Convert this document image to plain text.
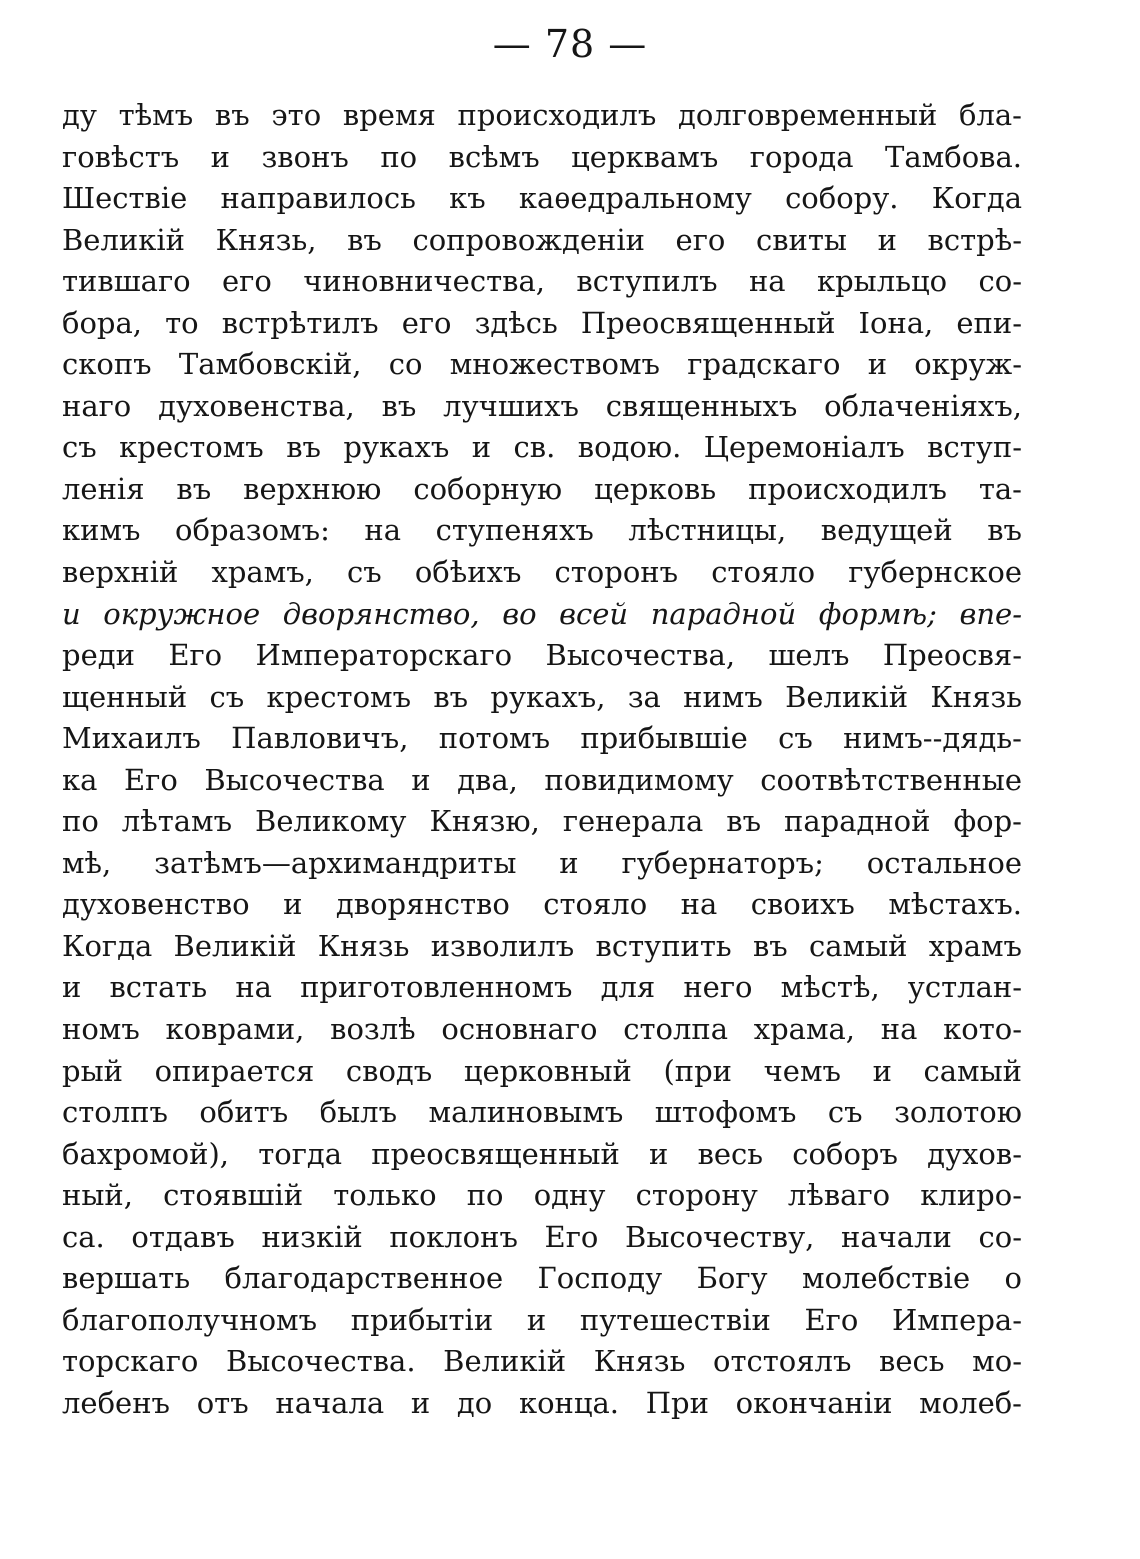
— 78 —
ду тѣмъ въ это время происходилъ долговременный бла-
говѣстъ и звонъ по всѣмъ церквамъ города Тамбова.
Шествіе направилось къ каѳедральному собору. Когда
Великій Князь, въ сопровожденіи его свиты и встрѣ-
тившаго его чиновничества, вступилъ на крыльцо со-
бора, то встрѣтилъ его здѣсь Преосвященный Іона, епи-
скопъ Тамбовскій, со множествомъ градскаго и окруж-
наго духовенства, въ лучшихъ священныхъ облаченіяхъ,
съ крестомъ въ рукахъ и св. водою. Церемоніалъ вступ-
ленія въ верхнюю соборную церковь происходилъ та-
кимъ образомъ: на ступеняхъ лѣстницы, ведущей въ
верхній храмъ, съ обѣихъ сторонъ стояло губернское
и окружное дворянство, во всей парадной формѣ; впе-
реди Его Императорскаго Высочества, шелъ Преосвя-
щенный съ крестомъ въ рукахъ, за нимъ Великій Князь
Михаилъ Павловичъ, потомъ прибывшіе съ нимъ--дядь-
ка Его Высочества и два, повидимому соотвѣтственные
по лѣтамъ Великому Князю, генерала въ парадной фор-
мѣ, затѣмъ—архимандриты и губернаторъ; остальное
духовенство и дворянство стояло на своихъ мѣстахъ.
Когда Великій Князь изволилъ вступить въ самый храмъ
и встать на приготовленномъ для него мѣстѣ, устлан-
номъ коврами, возлѣ основнаго столпа храма, на кото-
рый опирается сводъ церковный (при чемъ и самый
столпъ обитъ былъ малиновымъ штофомъ съ золотою
бахромой), тогда преосвященный и весь соборъ духов-
ный, стоявшій только по одну сторону лѣваго клиро-
са. отдавъ низкій поклонъ Его Высочеству, начали со-
вершать благодарственное Господу Богу молебствіе о
благополучномъ прибытіи и путешествіи Его Импера-
торскаго Высочества. Великій Князь отстоялъ весь мо-
лебенъ отъ начала и до конца. При окончаніи молеб-
